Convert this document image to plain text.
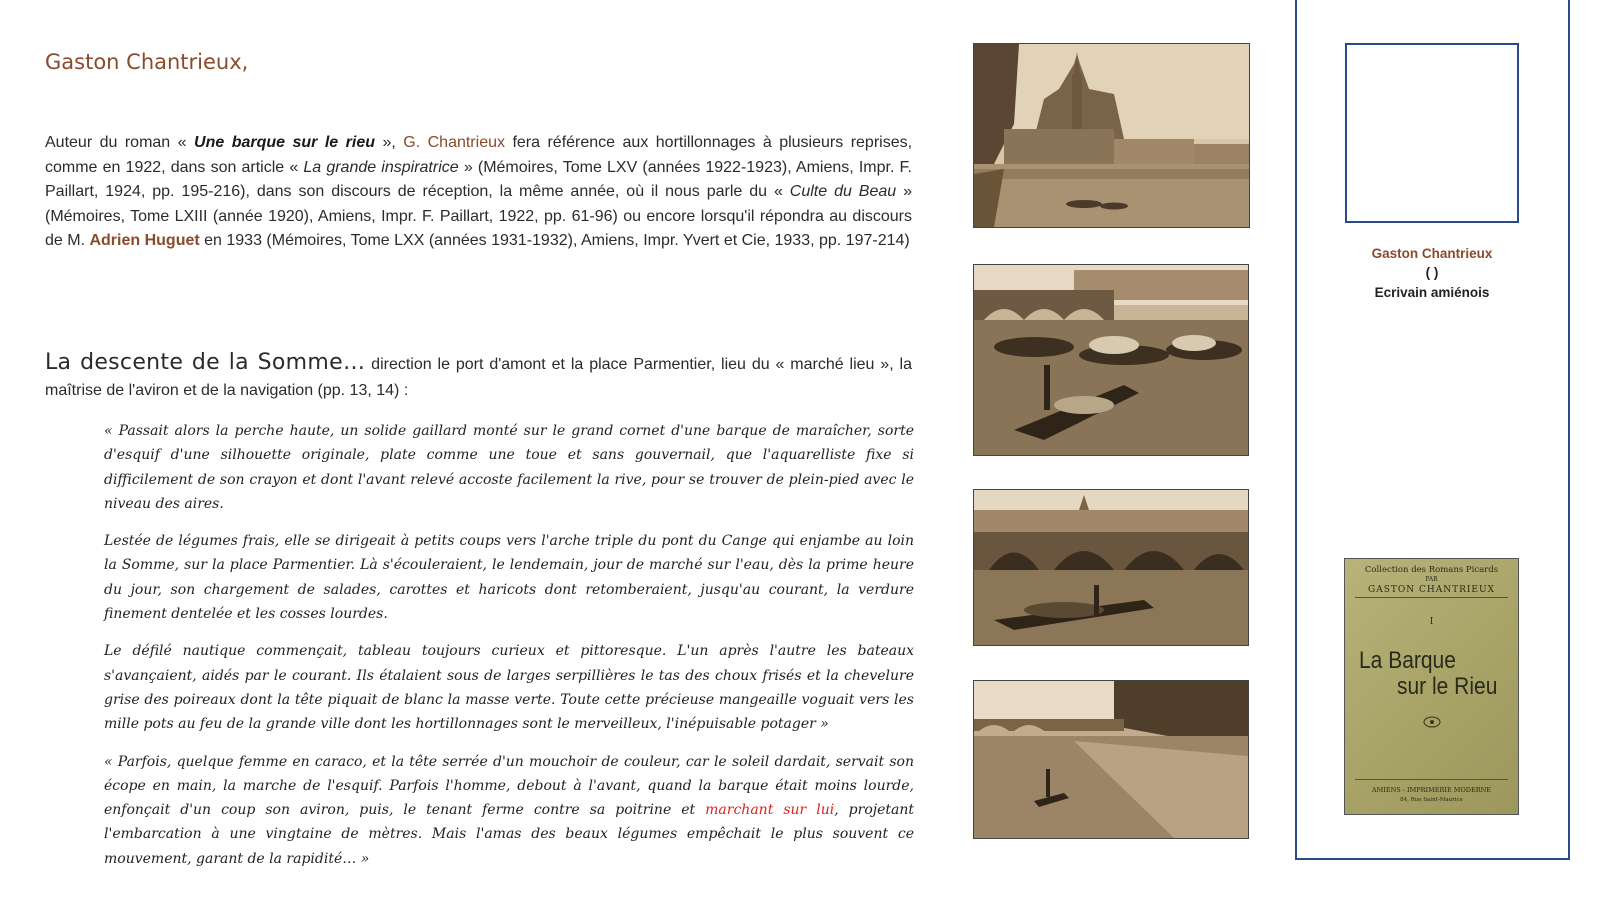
Gaston Chantrieux,

Auteur du roman « Une barque sur le rieu », G. Chantrieux fera référence aux hortillonnages à plusieurs reprises, comme en 1922, dans son article « La grande inspiratrice » (Mémoires, Tome LXV (années 1922-1923), Amiens, Impr. F. Paillart, 1924, pp. 195-216), dans son discours de réception, la même année, où il nous parle du « Culte du Beau » (Mémoires, Tome LXIII (année 1920), Amiens, Impr. F. Paillart, 1922, pp. 61-96) ou encore lorsqu'il répondra au discours de M. Adrien Huguet en 1933 (Mémoires, Tome LXX (années 1931-1932), Amiens, Impr. Yvert et Cie, 1933, pp. 197-214)

La descente de la Somme… direction le port d'amont et la place Parmentier, lieu du « marché lieu », la maîtrise de l'aviron et de la navigation (pp. 13, 14) :

« Passait alors la perche haute, un solide gaillard monté sur le grand cornet d'une barque de maraîcher, sorte d'esquif d'une silhouette originale, plate comme une toue et sans gouvernail, que l'aquarelliste fixe si difficilement de son crayon et dont l'avant relevé accoste facilement la rive, pour se trouver de plein-pied avec le niveau des aires.

Lestée de légumes frais, elle se dirigeait à petits coups vers l'arche triple du pont du Cange qui enjambe au loin la Somme, sur la place Parmentier. Là s'écouleraient, le lendemain, jour de marché sur l'eau, dès la prime heure du jour, son chargement de salades, carottes et haricots dont retomberaient, jusqu'au courant, la verdure finement dentelée et les cosses lourdes.

Le défilé nautique commençait, tableau toujours curieux et pittoresque. L'un après l'autre les bateaux s'avançaient, aidés par le courant. Ils étalaient sous de larges serpillières le tas des choux frisés et la chevelure grise des poireaux dont la tête piquait de blanc la masse verte. Toute cette précieuse mangeaille voguait vers les mille pots au feu de la grande ville dont les hortillonnages sont le merveilleux, l'inépuisable potager »

« Parfois, quelque femme en caraco, et la tête serrée d'un mouchoir de couleur, car le soleil dardait, servait son écope en main, la marche de l'esquif. Parfois l'homme, debout à l'avant, quand la barque était moins lourde, enfonçait d'un coup son aviron, puis, le tenant ferme contre sa poitrine et marchant sur lui, projetant l'embarcation à une vingtaine de mètres. Mais l'amas des beaux légumes empêchait le plus souvent ce mouvement, garant de la rapidité… »

Gaston Chantrieux

( )

Ecrivain amiénois

Collection des Romans Picards
PAR
GASTON CHANTRIEUX
I
La Barque
sur le Rieu
AMIENS - IMPRIMERIE MODERNE
84, Rue Saint-Maurice
